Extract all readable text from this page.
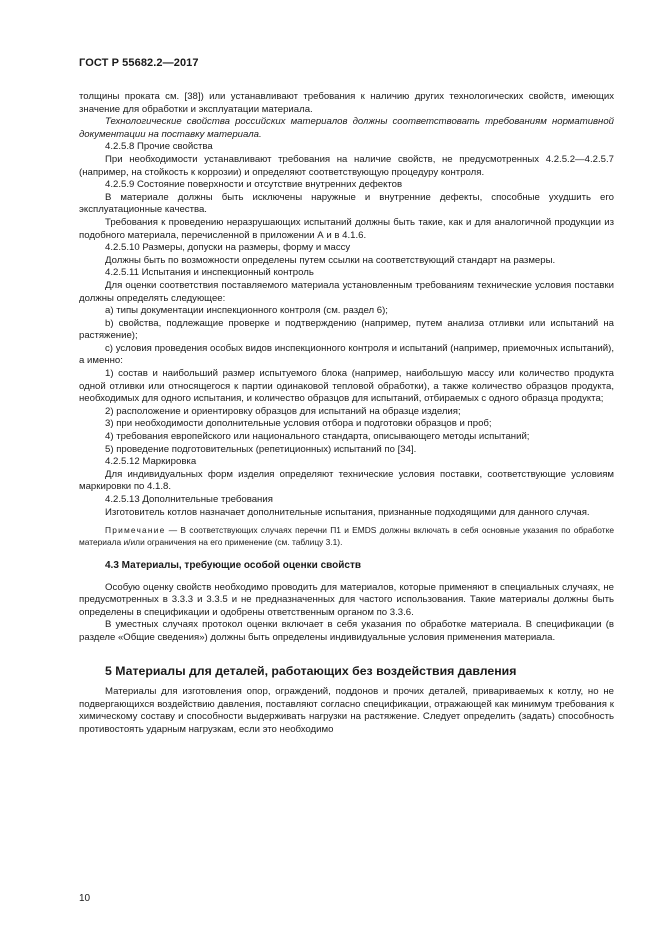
ГОСТ Р 55682.2—2017

толщины проката см. [38]) или устанавливают требования к наличию других технологических свойств, имеющих значение для обработки и эксплуатации материала.

Технологические свойства российских материалов должны соответствовать требованиям нормативной документации на поставку материала.

4.2.5.8 Прочие свойства

При необходимости устанавливают требования на наличие свойств, не предусмотренных 4.2.5.2—4.2.5.7 (например, на стойкость к коррозии) и определяют соответствующую процедуру контроля.

4.2.5.9 Состояние поверхности и отсутствие внутренних дефектов

В материале должны быть исключены наружные и внутренние дефекты, способные ухудшить его эксплуатационные качества.

Требования к проведению неразрушающих испытаний должны быть такие, как и для аналогичной продукции из подобного материала, перечисленной в приложении А и в 4.1.6.

4.2.5.10 Размеры, допуски на размеры, форму и массу

Должны быть по возможности определены путем ссылки на соответствующий стандарт на размеры.

4.2.5.11 Испытания и инспекционный контроль

Для оценки соответствия поставляемого материала установленным требованиям технические условия поставки должны определять следующее:

a) типы документации инспекционного контроля (см. раздел 6);

b) свойства, подлежащие проверке и подтверждению (например, путем анализа отливки или испытаний на растяжение);

c) условия проведения особых видов инспекционного контроля и испытаний (например, приемочных испытаний), а именно:

1) состав и наибольший размер испытуемого блока (например, наибольшую массу или количество продукта одной отливки или относящегося к партии одинаковой тепловой обработки), а также количество образцов продукта, необходимых для одного испытания, и количество образцов для испытаний, отбираемых с одного образца продукта;

2) расположение и ориентировку образцов для испытаний на образце изделия;

3) при необходимости дополнительные условия отбора и подготовки образцов и проб;

4) требования европейского или национального стандарта, описывающего методы испытаний;

5) проведение подготовительных (репетиционных) испытаний по [34].

4.2.5.12 Маркировка

Для индивидуальных форм изделия определяют технические условия поставки, соответствующие условиям маркировки по 4.1.8.

4.2.5.13 Дополнительные требования

Изготовитель котлов назначает дополнительные испытания, признанные подходящими для данного случая.

Примечание — В соответствующих случаях перечни П1 и EMDS должны включать в себя основные указания по обработке материала и/или ограничения на его применение (см. таблицу 3.1).

4.3 Материалы, требующие особой оценки свойств

Особую оценку свойств необходимо проводить для материалов, которые применяют в специальных случаях, не предусмотренных в 3.3.3 и 3.3.5 и не предназначенных для частого использования. Такие материалы должны быть определены в спецификации и одобрены ответственным органом по 3.3.6.

В уместных случаях протокол оценки включает в себя указания по обработке материала. В спецификации (в разделе «Общие сведения») должны быть определены индивидуальные условия применения материала.

5 Материалы для деталей, работающих без воздействия давления

Материалы для изготовления опор, ограждений, поддонов и прочих деталей, привариваемых к котлу, но не подвергающихся воздействию давления, поставляют согласно спецификации, отражающей как минимум требования к химическому составу и способности выдерживать нагрузки на растяжение. Следует определить (задать) способность противостоять ударным нагрузкам, если это необходимо

10
